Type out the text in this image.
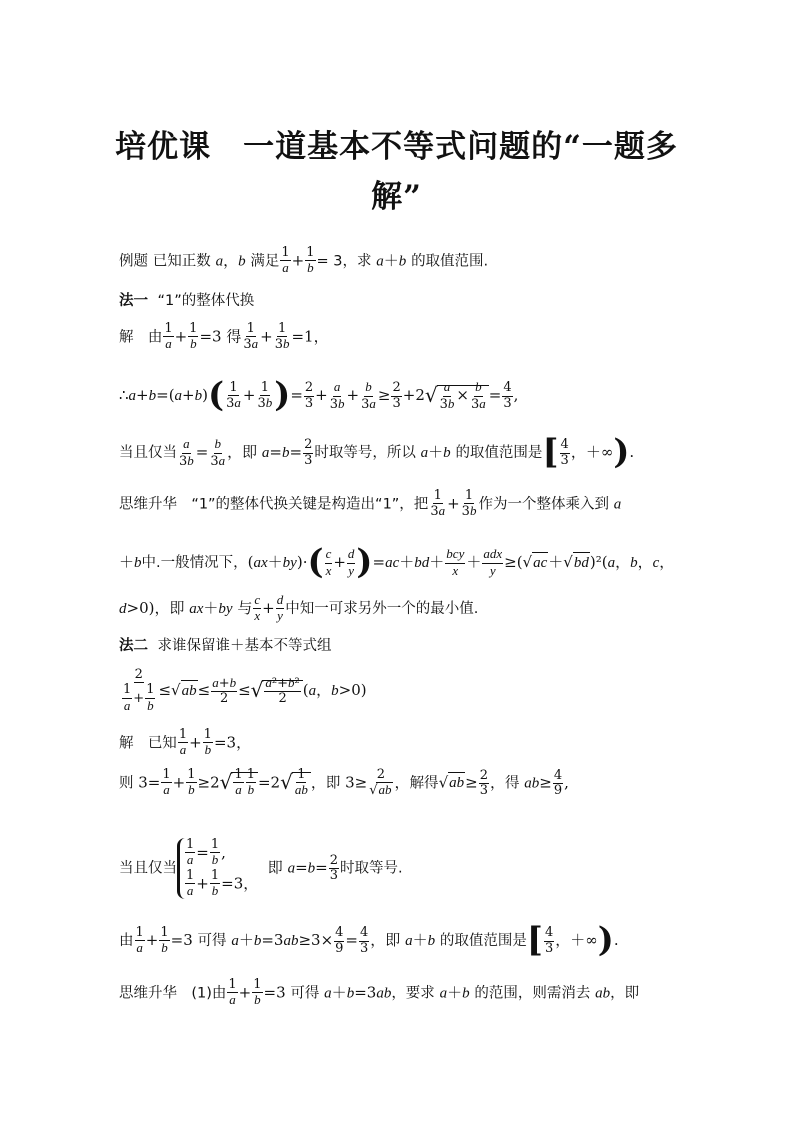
培优课　一道基本不等式问题的“一题多
解”
例题 已知正数 a，b 满足 $\frac{1}{a} + \frac{1}{b} = 3$，求 a＋b 的取值范围.
法一 “1”的整体代换
解 由 $\frac{1}{a} + \frac{1}{b} =3$ 得 $\frac{1}{3a} + \frac{1}{3b} =1$，
∴a+b=(a+b)( $\frac{1}{3a} + \frac{1}{3b}$ )= $\frac{2}{3} + \frac{a}{3b} + \frac{b}{3a} \ge \frac{2}{3} +2√ \frac{a}{3b} \times \frac{b}{3a} = \frac{4}{3}$ ,
当且仅当 $\frac{a}{3b} = \frac{b}{3a}$ ，即 $a=b= \frac{2}{3}$ 时取等号，所以 a＋b 的取值范围是[ $\frac{4}{3}$ ，＋∞).
思维升华 “1”的整体代换关键是构造出“1”，把 $\frac{1}{3a} + \frac{1}{3b}$ 作为一个整体乘入到 a
＋b中.一般情况下，$(ax+by)\cdot( \frac{c}{x} + \frac{d}{y} )=ac+bd+$ bcy
x ＋ adx
y ≥(√ac＋√bd)²(a，b，c，
d>0)，即 ax＋by 与 $\frac{c}{x} + \frac{d}{y}$ 中知一可求另外一个的最小值.
法二 求谁保留谁＋基本不等式组
$\frac{2}{\frac{1}{a} + \frac{1}{b}} \le√ab\le \frac{a+b}{2}$ ≤√ $\frac{\text{a²+b²}}{2} (a$，b>0)
解 已知 $\frac{1}{a} + \frac{1}{b} =3$，
则 $3= \frac{1}{a} + \frac{1}{b} \ge 2√ \frac{1}{a} \frac{1}{b} =2√ \frac{1}{ab}$ ，即 $3\ge \frac{2}{√ab}$ ，解得$√ab\ge \frac{2}{3}$ ，得 $ab\ge \frac{4}{9}$ ,
当且仅当 $\frac{1}{a} = \frac{1}{b}$ ,

$\frac{1}{a} + \frac{1}{b} =3$，  即 $a=b= \frac{2}{3}$ 时取等号.
由 $\frac{1}{a} + \frac{1}{b} =3$ 可得 $a+b=3ab\ge 3\times \frac{4}{9} = \frac{4}{3}$ ，即 a＋b 的取值范围是[ $\frac{4}{3}$ ，＋∞).
思维升华 (1)由 $\frac{1}{a} + \frac{1}{b} =3$ 可得 a＋b=3ab，要求 a＋b 的范围，则需消去 ab，即
